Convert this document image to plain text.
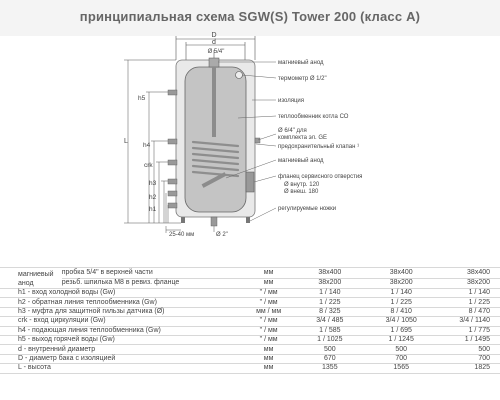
принципиальная схема SGW(S) Tower 200 (класс А)
D
d
Ø 5/4"
L
h5
h4
crk
h3
h2
h1
25-40 мм	Ø 2"
магниевый анод
термометр Ø 1/2"
изоляция
теплообменник котла СО
Ø 6/4" для
комплекта эл. GE
предохранительный клапан ¹
магниевый анод
фланец сервисного отверстия
Ø внутр. 120
Ø внеш. 180
регулируемые ножки
магниевый анод	пробка 5/4" в верхней части	мм	38x400	38x400	38x400
	резьб. шпилька M8 в ревиз. фланце	мм	38x200	38x200	38x200
h1 - вход холодной воды (Gw)		" / мм	1 / 140	1 / 140	1 / 140
h2 - обратная линия теплообменника (Gw)		" / мм	1 / 225	1 / 225	1 / 225
h3 - муфта для защитной гильзы датчика (Ø)		мм / мм	8 / 325	8 / 410	8 / 470
crk - вход циркуляции (Gw)		" / мм	3/4 / 485	3/4 / 1050	3/4 / 1140
h4 - подающая линия теплообменника (Gw)		" / мм	1 / 585	1 / 695	1 / 775
h5 - выход горячей воды (Gw)		" / мм	1 / 1025	1 / 1245	1 / 1495
d - внутренний диаметр		мм	500	500	500
D - диаметр бака с изоляцией		мм	670	700	700
L - высота		мм	1355	1565	1825
